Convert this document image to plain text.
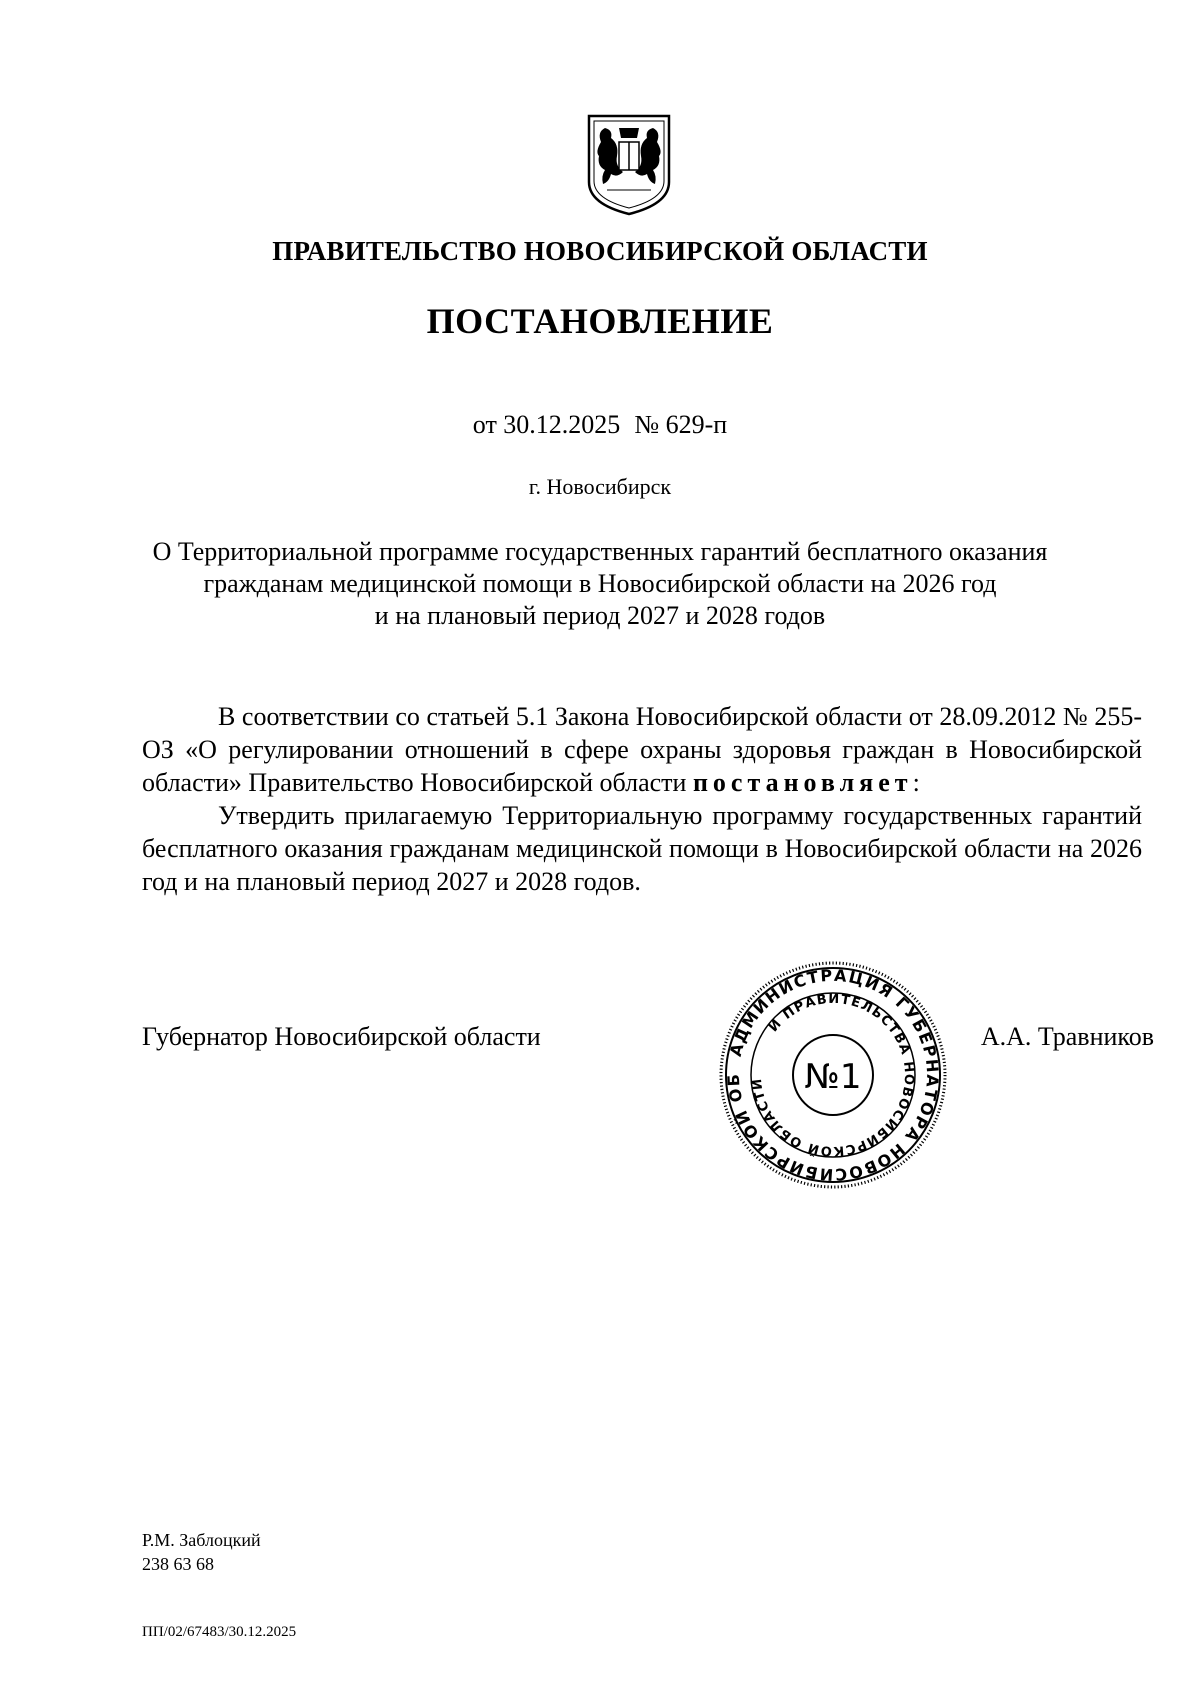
ПРАВИТЕЛЬСТВО НОВОСИБИРСКОЙ ОБЛАСТИ
ПОСТАНОВЛЕНИЕ
от 30.12.2025 № 629-п
г. Новосибирск
О Территориальной программе государственных гарантий бесплатного оказания
гражданам медицинской помощи в Новосибирской области на 2026 год
и на плановый период 2027 и 2028 годов
В соответствии со статьей 5.1 Закона Новосибирской области от 28.09.2012 № 255-ОЗ «О регулировании отношений в сфере охраны здоровья граждан в Новосибирской области» Правительство Новосибирской области постановляет:
Утвердить прилагаемую Территориальную программу государственных гарантий бесплатного оказания гражданам медицинской помощи в Новосибирской области на 2026 год и на плановый период 2027 и 2028 годов.
Губернатор Новосибирской области	А.А. Травников
АДМИНИСТРАЦИЯ ГУБЕРНАТОРА НОВОСИБИРСКОЙ ОБ
И ПРАВИТЕЛЬСТВА НОВОСИБИРСКОЙ ОБЛАСТИ	№1
Р.М. Заблоцкий
238 63 68
ПП/02/67483/30.12.2025
